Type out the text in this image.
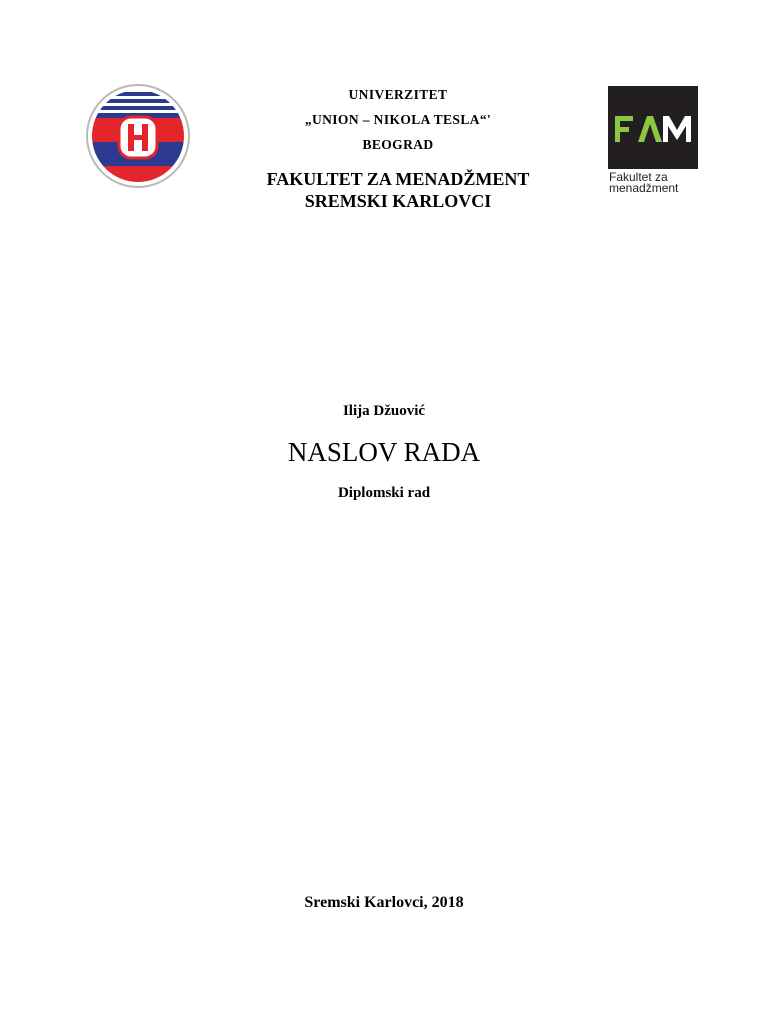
UNIVERZITET
„UNION – NIKOLA TESLA“'
BEOGRAD
FAKULTET ZA MENADŽMENT
SREMSKI KARLOVCI
Fakultet za
menadžment
Ilija Džuović
NASLOV RADA
Diplomski rad
Sremski Karlovci, 2018
